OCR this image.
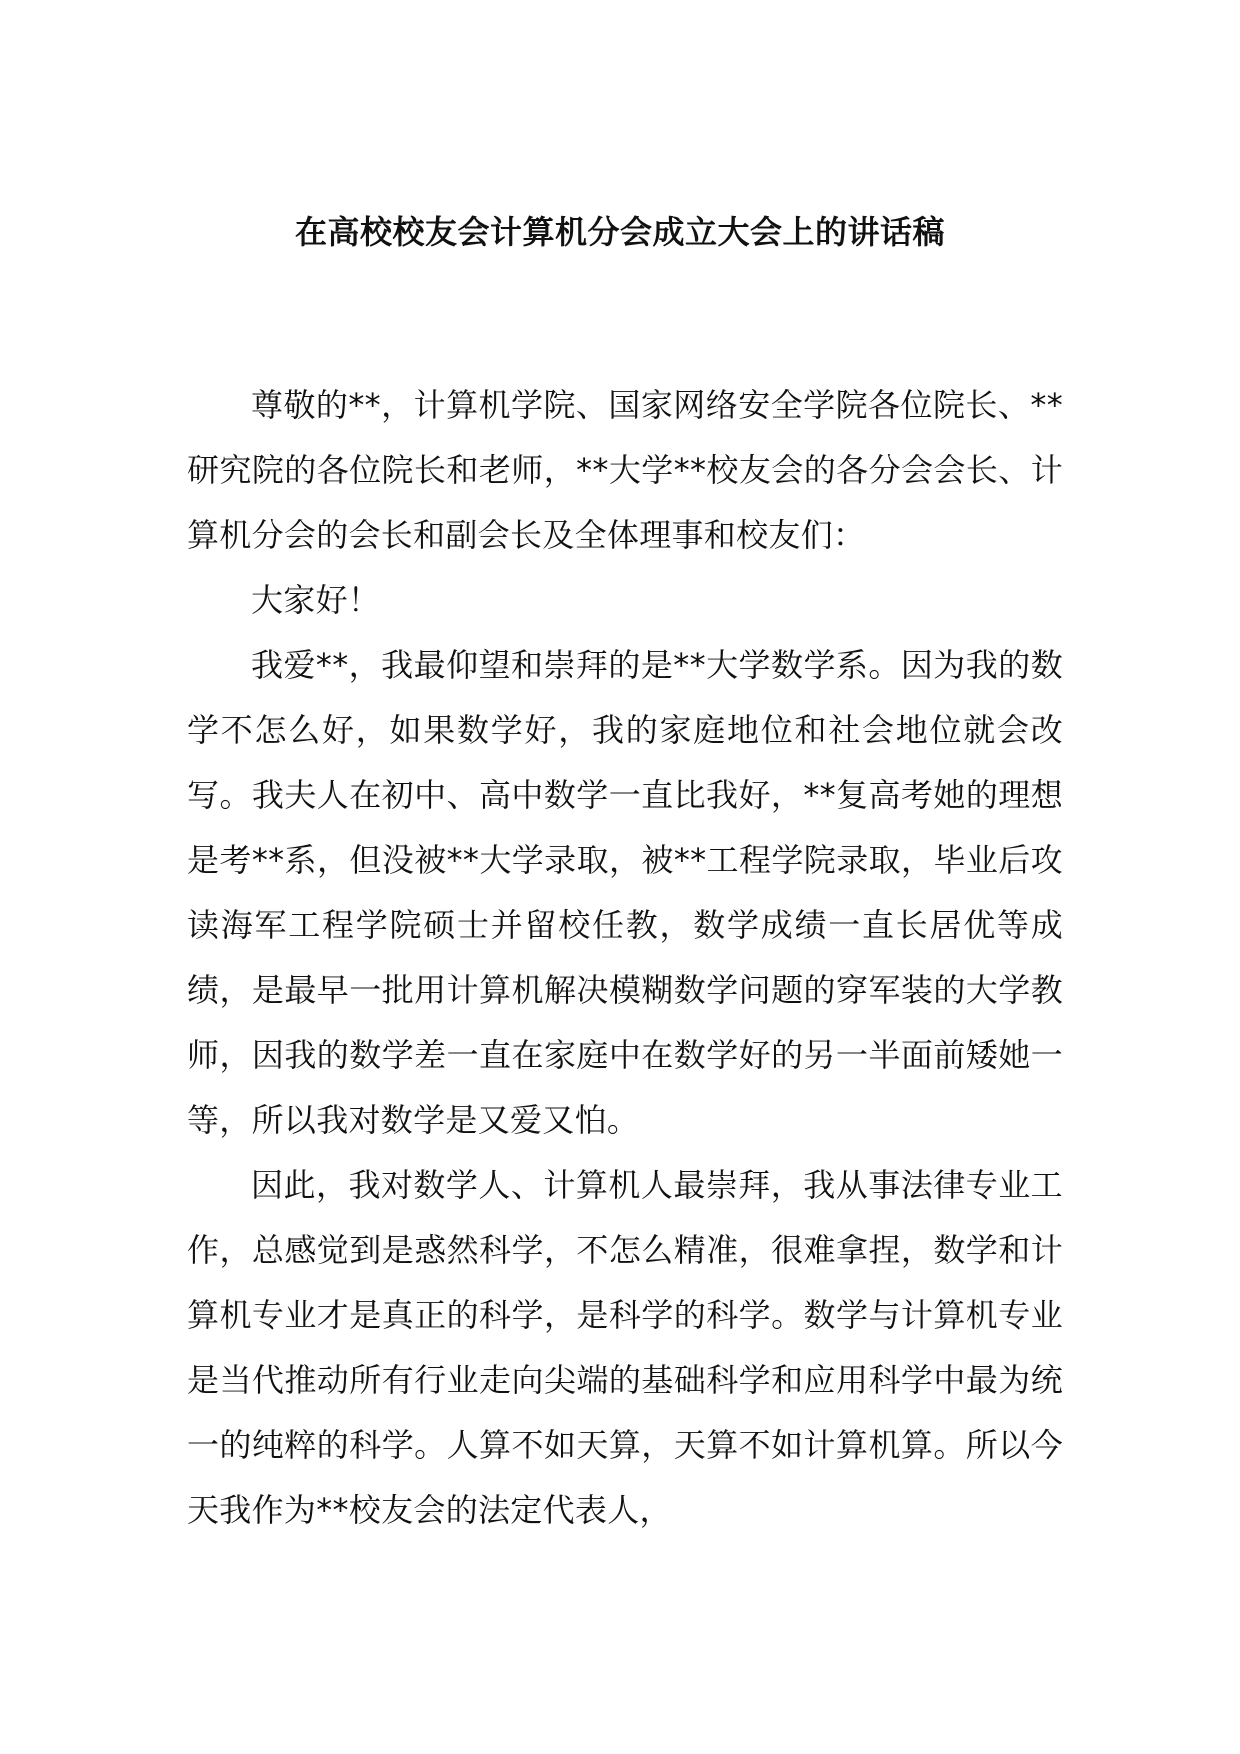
在高校校友会计算机分会成立大会上的讲话稿

尊敬的**，计算机学院、国家网络安全学院各位院长、**研究院的各位院长和老师，**大学**校友会的各分会会长、计算机分会的会长和副会长及全体理事和校友们：

大家好！

我爱**，我最仰望和崇拜的是**大学数学系。因为我的数学不怎么好，如果数学好，我的家庭地位和社会地位就会改写。我夫人在初中、高中数学一直比我好，**复高考她的理想是考**系，但没被**大学录取，被**工程学院录取，毕业后攻读海军工程学院硕士并留校任教，数学成绩一直长居优等成绩，是最早一批用计算机解决模糊数学问题的穿军装的大学教师，因我的数学差一直在家庭中在数学好的另一半面前矮她一等，所以我对数学是又爱又怕。

因此，我对数学人、计算机人最崇拜，我从事法律专业工作，总感觉到是惑然科学，不怎么精准，很难拿捏，数学和计算机专业才是真正的科学，是科学的科学。数学与计算机专业是当代推动所有行业走向尖端的基础科学和应用科学中最为统一的纯粹的科学。人算不如天算，天算不如计算机算。所以今天我作为**校友会的法定代表人，
